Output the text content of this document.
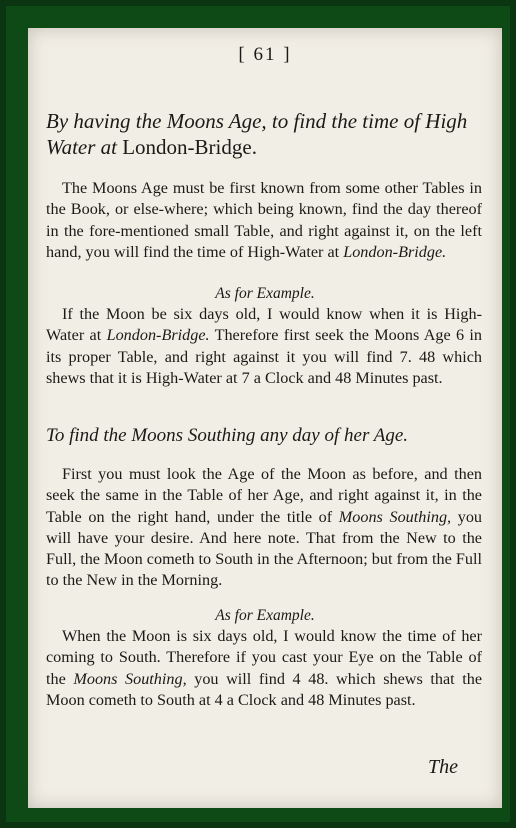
[ 61 ]
By having the Moons Age, to find the time of High Water at London-Bridge.
The Moons Age must be first known from some other Tables in the Book, or else-where; which being known, find the day thereof in the fore-mentioned small Table, and right against it, on the left hand, you will find the time of High-Water at London-Bridge.
As for Example.
If the Moon be six days old, I would know when it is High-Water at London-Bridge. Therefore first seek the Moons Age 6 in its proper Table, and right against it you will find 7. 48 which shews that it is High-Water at 7 a Clock and 48 Minutes past.
To find the Moons Southing any day of her Age.
First you must look the Age of the Moon as before, and then seek the same in the Table of her Age, and right against it, in the Table on the right hand, under the title of Moons Southing, you will have your desire. And here note. That from the New to the Full, the Moon cometh to South in the Afternoon; but from the Full to the New in the Morning.
As for Example.
When the Moon is six days old, I would know the time of her coming to South. Therefore if you cast your Eye on the Table of the Moons Southing, you will find 4 48. which shews that the Moon cometh to South at 4 a Clock and 48 Minutes past.
The
